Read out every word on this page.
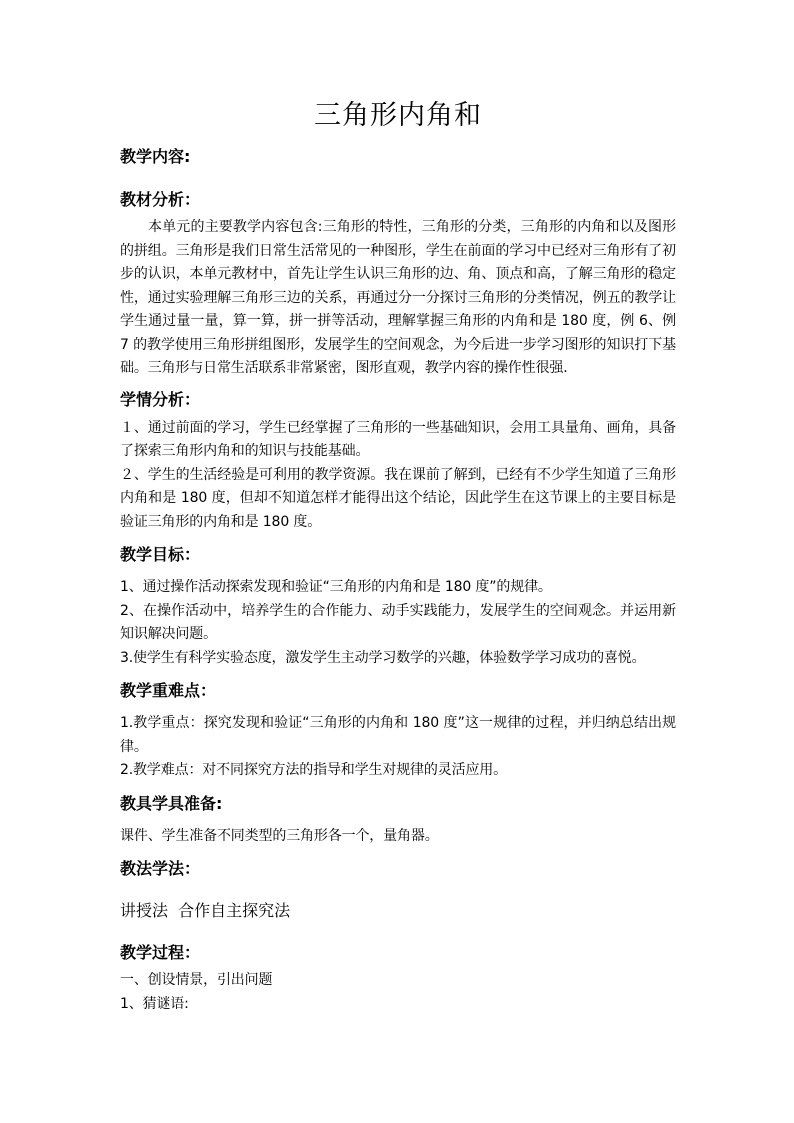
三角形内角和
教学内容:
教材分析：

本单元的主要教学内容包含:三角形的特性，三角形的分类，三角形的内角和以及图形的拼组。三角形是我们日常生活常见的一种图形，学生在前面的学习中已经对三角形有了初步的认识，本单元教材中，首先让学生认识三角形的边、角、顶点和高，了解三角形的稳定性，通过实验理解三角形三边的关系，再通过分一分探讨三角形的分类情况，例五的教学让学生通过量一量，算一算，拼一拼等活动，理解掌握三角形的内角和是 180 度，例 6、例 7 的教学使用三角形拼组图形，发展学生的空间观念，为今后进一步学习图形的知识打下基础。三角形与日常生活联系非常紧密，图形直观，教学内容的操作性很强.

学情分析：

１、通过前面的学习，学生已经掌握了三角形的一些基础知识，会用工具量角、画角，具备了探索三角形内角和的知识与技能基础。

２、学生的生活经验是可利用的教学资源。我在课前了解到，已经有不少学生知道了三角形内角和是 180 度，但却不知道怎样才能得出这个结论，因此学生在这节课上的主要目标是验证三角形的内角和是 180 度。

教学目标：

1、通过操作活动探索发现和验证“三角形的内角和是 180 度”的规律。

2、在操作活动中，培养学生的合作能力、动手实践能力，发展学生的空间观念。并运用新知识解决问题。

3.使学生有科学实验态度，激发学生主动学习数学的兴趣，体验数学学习成功的喜悦。

教学重难点：

1.教学重点：探究发现和验证“三角形的内角和 180 度”这一规律的过程，并归纳总结出规律。

2.教学难点：对不同探究方法的指导和学生对规律的灵活应用。

教具学具准备:

课件、学生准备不同类型的三角形各一个，量角器。

教法学法：

讲授法  合作自主探究法

教学过程：

一、创设情景，引出问题

1、猜谜语:
